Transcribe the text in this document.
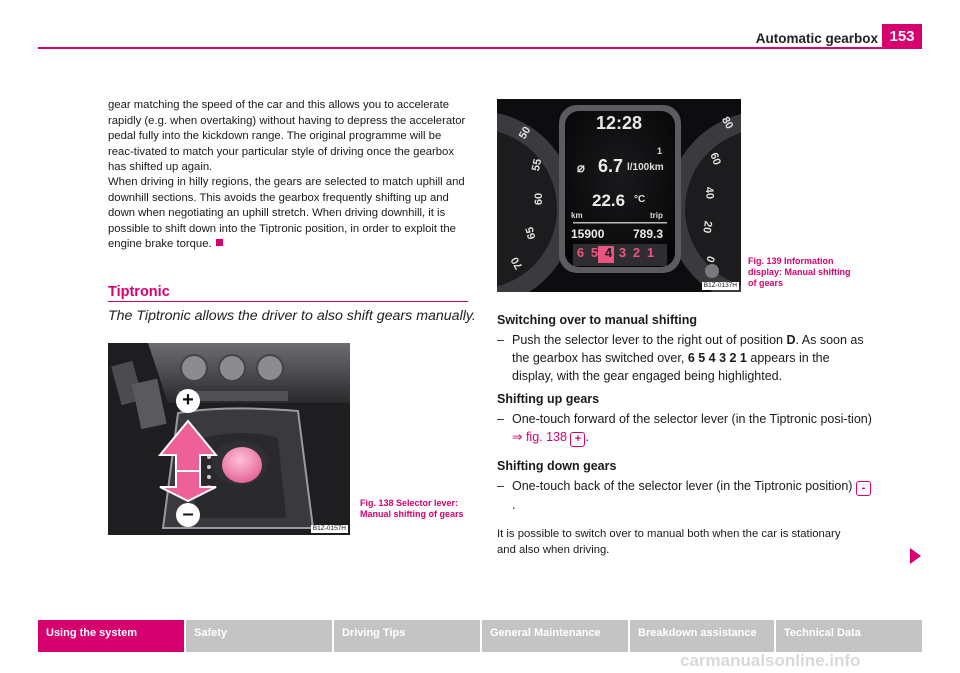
Automatic gearbox 153
gear matching the speed of the car and this allows you to accelerate rapidly (e.g. when overtaking) without having to depress the accelerator pedal fully into the kickdown range. The original programme will be reac-tivated to match your particular style of driving once the gearbox has shifted up again.
When driving in hilly regions, the gears are selected to match uphill and downhill sections. This avoids the gearbox frequently shifting up and down when negotiating an uphill stretch. When driving downhill, it is possible to shift down into the Tiptronic position, in order to exploit the engine brake torque.
Tiptronic
The Tiptronic allows the driver to also shift gears manually.
+
–
B1Z-0157H
Fig. 138 Selector lever: Manual shifting of gears
12:28
1
⌀ 6.7 l/100km
22.6 °C
km	trip
15900 789.3
6 5 4 3 2 1
50
55
60
65
70
80
60
40
20
0
B1Z-0137H
Fig. 139 Information display: Manual shifting of gears
Switching over to manual shifting
– Push the selector lever to the right out of position D. As soon as the gearbox has switched over, 6 5 4 3 2 1 appears in the display, with the gear engaged being highlighted.
Shifting up gears
– One-touch forward of the selector lever (in the Tiptronic posi-tion) ⇒ fig. 138 + .
Shifting down gears
– One-touch back of the selector lever (in the Tiptronic position) -.
It is possible to switch over to manual both when the car is stationary and also when driving.
Using the system	Safety	Driving Tips	General Maintenance	Breakdown assistance	Technical Data
carmanualsonline.info
